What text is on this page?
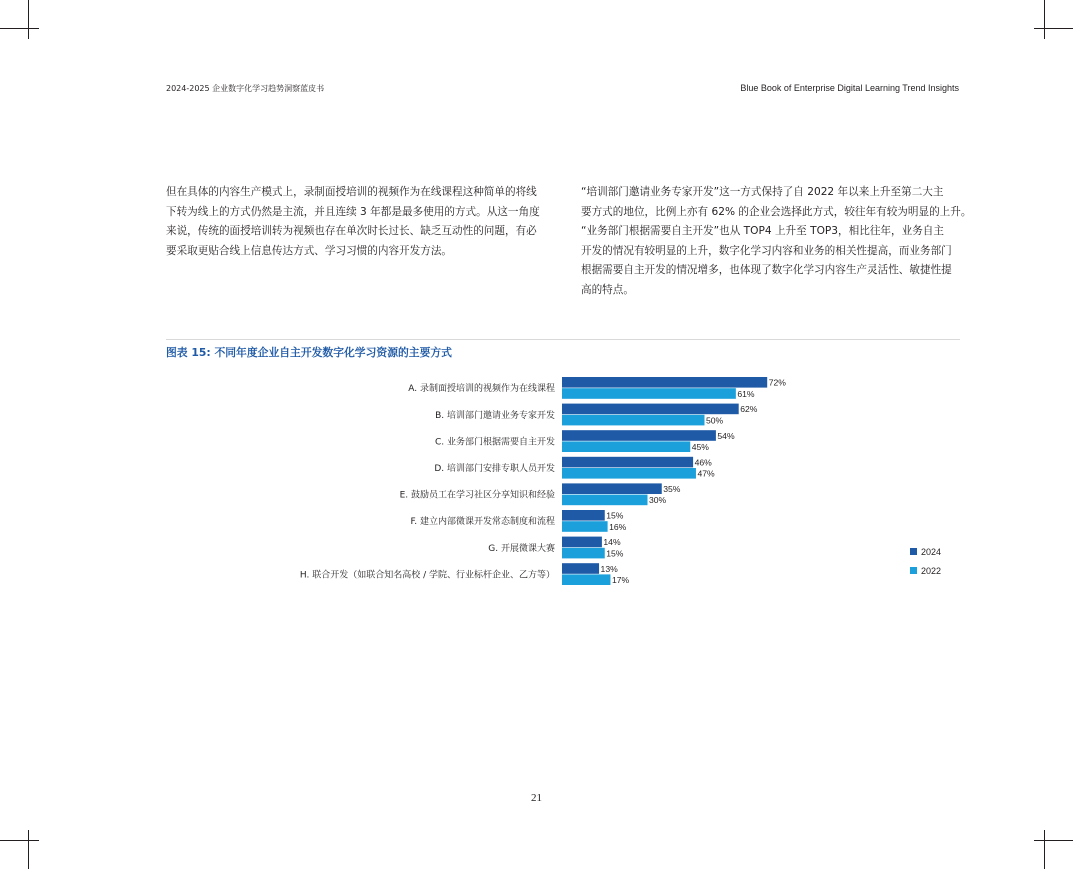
2024-2025 企业数字化学习趋势洞察蓝皮书	Blue Book of Enterprise Digital Learning Trend Insights
但在具体的内容生产模式上，录制面授培训的视频作为在线课程这种简单的将线
下转为线上的方式仍然是主流，并且连续 3 年都是最多使用的方式。从这一角度
来说，传统的面授培训转为视频也存在单次时长过长、缺乏互动性的问题，有必
要采取更贴合线上信息传达方式、学习习惯的内容开发方法。
“培训部门邀请业务专家开发”这一方式保持了自 2022 年以来上升至第二大主
要方式的地位，比例上亦有 62% 的企业会选择此方式，较往年有较为明显的上升。
“业务部门根据需要自主开发”也从 TOP4 上升至 TOP3，相比往年，业务自主
开发的情况有较明显的上升，数字化学习内容和业务的相关性提高，而业务部门
根据需要自主开发的情况增多，也体现了数字化学习内容生产灵活性、敏捷性提
高的特点。
图表 15: 不同年度企业自主开发数字化学习资源的主要方式
A. 录制面授培训的视频作为在线课程
72%
61%
B. 培训部门邀请业务专家开发
62%
50%
C. 业务部门根据需要自主开发
54%
45%
D. 培训部门安排专职人员开发
46%
47%
E. 鼓励员工在学习社区分享知识和经验
35%
30%
F. 建立内部微课开发常态制度和流程
15%
16%
G. 开展微课大赛
14%
15%
H. 联合开发（如联合知名高校 / 学院、行业标杆企业、乙方等）
13%
17%
2024
2022
21
